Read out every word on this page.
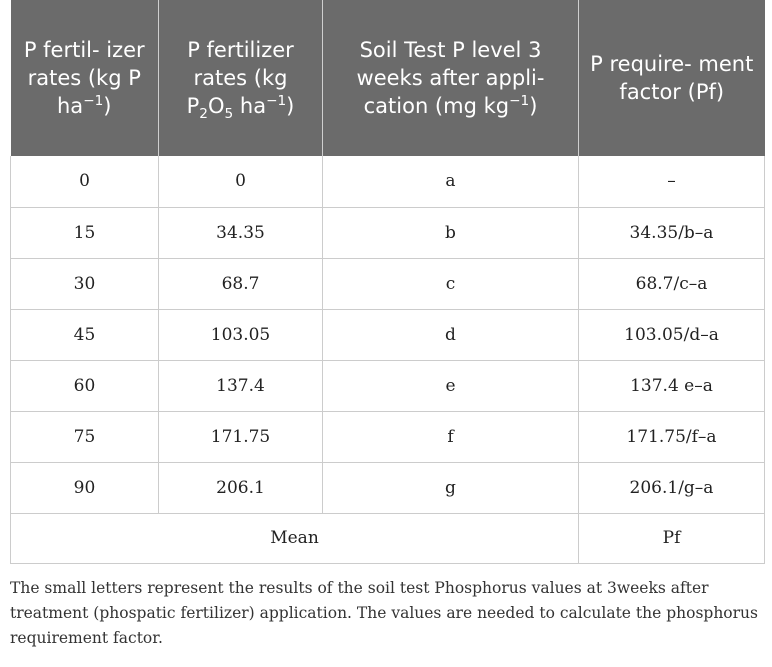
P fertil- izer rates (kg P $ha^{-1}$)	P fertilizer rates (kg $P_2O_5$ $ha^{-1}$)	Soil Test P level 3 weeks after appli- cation (mg $kg^{-1}$)	P require- ment factor (Pf)
0	0	a	–
15	34.35	b	34.35/b–a
30	68.7	c	68.7/c–a
45	103.05	d	103.05/d–a
60	137.4	e	137.4 e–a
75	171.75	f	171.75/f–a
90	206.1	g	206.1/g–a
Mean			Pf
The small letters represent the results of the soil test Phosphorus values at 3weeks after treatment (phospatic fertilizer) application. The values are needed to calculate the phosphorus requirement factor.
